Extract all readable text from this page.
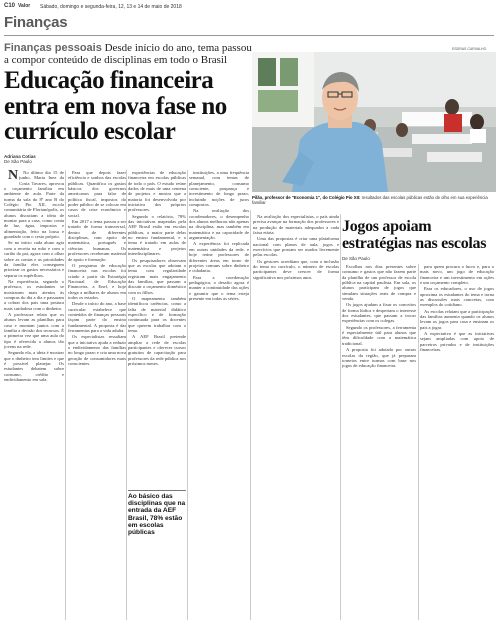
C10 Valor Sábado, domingo e segunda-feira, 12, 13 e 14 de maio de 2018
Finanças
Finanças pessoais Desde início do ano, tema passou a compor conteúdo de disciplinas em todo o Brasil
Educação financeira entra em nova fase no currículo escolar
Adriana Cotias
De São Paulo

N No último dia 15 de junho, Maria Inez da Costa Tavares, aprovou o orçamento familiar em ambiente de aula. Parte da turma da sala do 8º ano B do Colégio Pio XII, escola comunitária de Florianópolis, os alunos discutiam a ideia de montar para a casa, como conta de luz, água, impostos e alimentação, feito na lousa e guardado com o cesto próprio.

Se no início cada aluno agia com a receita na mão e com o cartão do pai, agora com o olhar sobre as contas e as prioridades da família eles conseguem priorizar os gastos necessários e separar os supérfluos.

Na experiência, segundo o professor, os estudantes se mostraram mais atentos às compras do dia a dia e passaram a cobrar dos pais uma postura mais cuidadosa com o dinheiro.

A professora relata que os alunos levam as planilhas para casa e montam juntos com a família a divisão dos recursos. É a primeira vez que uma aula do tipo é oferecida a alunos tão jovens na rede.

Segundo ela, a ideia é mostrar que o dinheiro tem limites e que é possível planejar. Os estudantes debatem sobre consumo, crédito e endividamento em sala.

Para que depois fazer eficiência e sonhos das escolas públicas. Quantifica os gastos básicos dos governos americanos para falar de política fiscal, impostos do poder público de se colocar em casos de crise econômica e social.

Em 2017 o tema passou a ser tratado de forma transversal, dentro de diferentes disciplinas, com apoio de matemática, português e ciências humanas. Os professores receberam material de apoio e formação.

O programa de educação financeira nas escolas foi criado a partir da Estratégia Nacional de Educação Financeira, a Enef, e hoje chega a milhares de alunos em todos os estados.

Desde o início do ano, a base curricular estabelece que conteúdos de finanças pessoais façam parte do ensino fundamental. A proposta é dar ferramentas para a vida adulta.

Os especialistas ressaltam que a iniciativa ajuda a reduzir o endividamento das famílias no longo prazo e cria uma nova geração de consumidores mais conscientes.

experiências de educação financeira em escolas públicas de todo o país. O estudo reúne dados de mais de uma centena de projetos e mostra que a maioria foi desenvolvida por iniciativa dos próprios professores.

Segundo o relatório, 78% das iniciativas mapeadas pela AEF Brasil estão em escolas públicas, a maior parte delas no ensino fundamental, e o tema é tratado em aulas de matemática e projetos interdisciplinares.

Os pesquisadores observam que as escolas que adotam o tema com regularidade registram mais engajamento das famílias, que passam a discutir o orçamento doméstico com os filhos.

O mapeamento também identificou carências, como a falta de material didático específico e de formação continuada para os docentes que querem trabalhar com o tema.

A AEF Brasil pretende ampliar a rede de escolas participantes e oferecer cursos gratuitos de capacitação para professores da rede pública nos próximos meses.

Ao básico das disciplinas que na entrada da AEF Brasil, 78% estão em escolas públicas

instituições, a uma frequência semanal, com temas de planejamento, consumo consciente, poupança e investimento de longo prazo, incluindo noções de juros compostos.

Na avaliação dos coordenadores, o desempenho dos alunos melhorou não apenas na disciplina, mas também em matemática e na capacidade de argumentação.

A experiência foi replicada em outras unidades da rede, e hoje reúne professores de diferentes áreas em torno de projetos comuns sobre dinheiro e cidadania.

Para a coordenação pedagógica, o desafio agora é manter a continuidade das ações e garantir que o tema esteja presente em todas as séries.

ESDRAS CARVALHO
Pilão, professor de "Economia 1", do Colégio Pio XII: resultados das escolas públicas estão de olho em sua experiência familiar

Na avaliação dos especialistas, o país ainda precisa avançar na formação dos professores e na produção de materiais adequados a cada faixa etária.

Uma das propostas é criar uma plataforma nacional com planos de aula, jogos e exercícios que possam ser usados livremente pelas escolas.

Os gestores acreditam que, com a inclusão do tema no currículo, o número de escolas participantes deve crescer de forma significativa nos próximos anos.

Jogos apoiam estratégias nas escolas
De São Paulo

Escolhas nos dias presentes sobre consumo e gastos que não fazem parte da planilha de um professor de escola pública na capital paulista. Em sala, os alunos participam de jogos que simulam situações reais de compra e venda.

Os jogos ajudam a fixar os conceitos de forma lúdica e despertam o interesse dos estudantes, que passam a trocar experiências com os colegas.

Segundo os professores, a ferramenta é especialmente útil para alunos que têm dificuldade com a matemática tradicional.

A proposta foi adotada por outras escolas da região, que já preparam torneios entre turmas com base nos jogos de educação financeira.

para quem procura o lucro e, para o mais novo, um jogo de educação financeira e um investimento em ações e um orçamento completo.

Para os educadores, o uso de jogos aproxima os estudantes do tema e torna as discussões mais concretas, com exemplos do cotidiano.

As escolas relatam que a participação das famílias aumenta quando os alunos levam os jogos para casa e ensinam os pais a jogar.

A expectativa é que as iniciativas sejam ampliadas com apoio de parceiros privados e de instituições financeiras.
